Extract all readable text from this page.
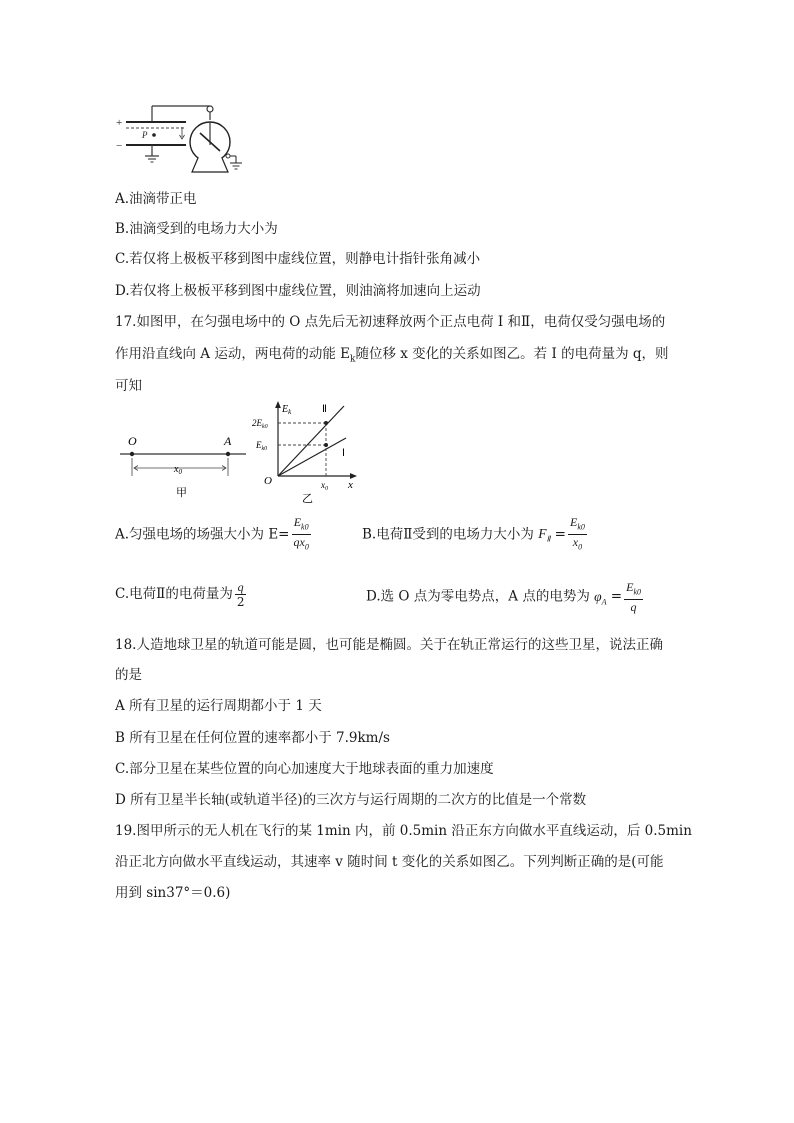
+
−
P
A.油滴带正电
B.油滴受到的电场力大小为
C.若仅将上极板平移到图中虚线位置，则静电计指针张角减小
D.若仅将上极板平移到图中虚线位置，则油滴将加速向上运动
17.如图甲，在匀强电场中的 O 点先后无初速释放两个正点电荷 I 和Ⅱ，电荷仅受匀强电场的
作用沿直线向 A 运动，两电荷的动能 $E_k$随位移 x 变化的关系如图乙。若 I 的电荷量为 q，则
可知
O	A
$x_0$
甲
$E_k$	Ⅱ
Ⅰ
$2E_{k0}$
$E_{k0}$
O	$x_0$ x
乙
A.匀强电场的场强大小为 $E= \frac{E_{k0}}{qx_0}$	B.电荷Ⅱ受到的电场力大小为 $F_Ⅱ = \frac{E_{k0}}{x_0}$
C.电荷Ⅱ的电荷量为 $\frac{q}{2}$	D.选 O 点为零电势点，A 点的电势为 $\varphi_A = \frac{E_{k0}}{q}$
18.人造地球卫星的轨道可能是圆，也可能是椭圆。关于在轨正常运行的这些卫星，说法正确
的是
A 所有卫星的运行周期都小于 1 天
B 所有卫星在任何位置的速率都小于 7.9km/s
C.部分卫星在某些位置的向心加速度大于地球表面的重力加速度
D 所有卫星半长轴(或轨道半径)的三次方与运行周期的二次方的比值是一个常数
19.图甲所示的无人机在飞行的某 1min 内，前 0.5min 沿正东方向做水平直线运动，后 0.5min
沿正北方向做水平直线运动，其速率 v 随时间 t 变化的关系如图乙。下列判断正确的是(可能
用到 sin37°＝0.6)
